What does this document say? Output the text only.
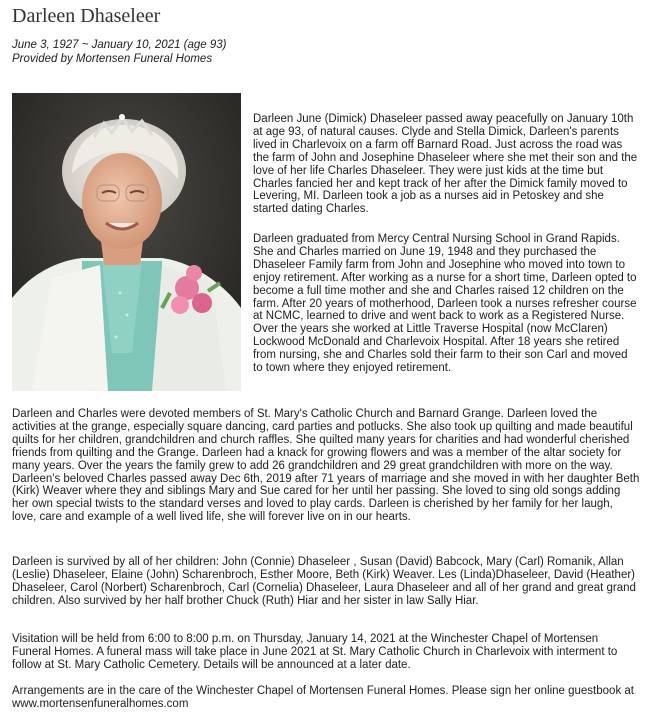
Darleen Dhaseleer
June 3, 1927 ~ January 10, 2021 (age 93)
Provided by Mortensen Funeral Homes

Darleen June (Dimick) Dhaseleer passed away peacefully on January 10th at age 93, of natural causes. Clyde and Stella Dimick, Darleen's parents lived in Charlevoix on a farm off Barnard Road. Just across the road was the farm of John and Josephine Dhaseleer where she met their son and the love of her life Charles Dhaseleer. They were just kids at the time but Charles fancied her and kept track of her after the Dimick family moved to Levering, MI. Darleen took a job as a nurses aid in Petoskey and she started dating Charles.

Darleen graduated from Mercy Central Nursing School in Grand Rapids. She and Charles married on June 19, 1948 and they purchased the Dhaseleer Family farm from John and Josephine who moved into town to enjoy retirement. After working as a nurse for a short time, Darleen opted to become a full time mother and she and Charles raised 12 children on the farm. After 20 years of motherhood, Darleen took a nurses refresher course at NCMC, learned to drive and went back to work as a Registered Nurse. Over the years she worked at Little Traverse Hospital (now McClaren) Lockwood McDonald and Charlevoix Hospital. After 18 years she retired from nursing, she and Charles sold their farm to their son Carl and moved to town where they enjoyed retirement.

Darleen and Charles were devoted members of St. Mary's Catholic Church and Barnard Grange. Darleen loved the activities at the grange, especially square dancing, card parties and potlucks. She also took up quilting and made beautiful quilts for her children, grandchildren and church raffles. She quilted many years for charities and had wonderful cherished friends from quilting and the Grange. Darleen had a knack for growing flowers and was a member of the altar society for many years. Over the years the family grew to add 26 grandchildren and 29 great grandchildren with more on the way. Darleen's beloved Charles passed away Dec 6th, 2019 after 71 years of marriage and she moved in with her daughter Beth (Kirk) Weaver where they and siblings Mary and Sue cared for her until her passing. She loved to sing old songs adding her own special twists to the standard verses and loved to play cards. Darleen is cherished by her family for her laugh, love, care and example of a well lived life, she will forever live on in our hearts.

Darleen is survived by all of her children: John (Connie) Dhaseleer , Susan (David) Babcock, Mary (Carl) Romanik, Allan (Leslie) Dhaseleer, Elaine (John) Scharenbroch, Esther Moore, Beth (Kirk) Weaver. Les (Linda)Dhaseleer, David (Heather) Dhaseleer, Carol (Norbert) Scharenbroch, Carl (Cornelia) Dhaseleer, Laura Dhaseleer and all of her grand and great grand children. Also survived by her half brother Chuck (Ruth) Hiar and her sister in law Sally Hiar.

Visitation will be held from 6:00 to 8:00 p.m. on Thursday, January 14, 2021 at the Winchester Chapel of Mortensen Funeral Homes. A funeral mass will take place in June 2021 at St. Mary Catholic Church in Charlevoix with interment to follow at St. Mary Catholic Cemetery. Details will be announced at a later date.

Arrangements are in the care of the Winchester Chapel of Mortensen Funeral Homes. Please sign her online guestbook at www.mortensenfuneralhomes.com
